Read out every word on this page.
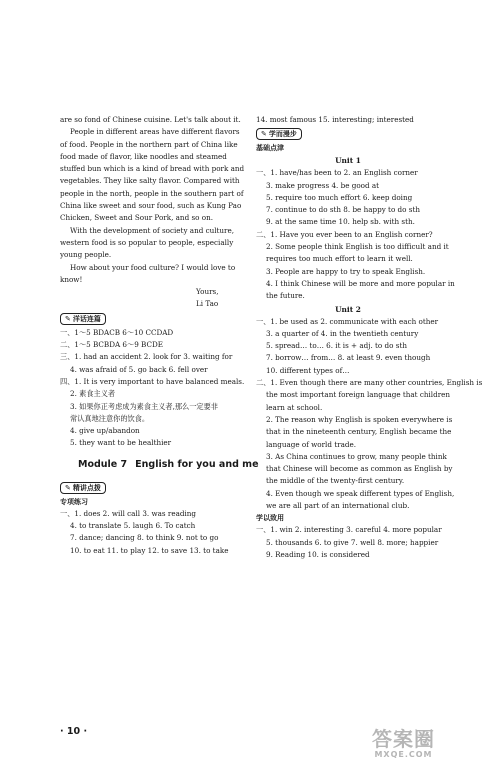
are so fond of Chinese cuisine. Let's talk about it.
People in different areas have different flavors
of food. People in the northern part of China like
food made of flavor, like noodles and steamed
stuffed bun which is a kind of bread with pork and
vegetables. They like salty flavor. Compared with
people in the north, people in the southern part of
China like sweet and sour food, such as Kung Pao
Chicken, Sweet and Sour Pork, and so on.
With the development of society and culture,
western food is so popular to people, especially
young people.
How about your food culture? I would love to
know!
Yours,
Li Tao
✎ 洋话连篇
一、1～5 BDACB 6～10 CCDAD
二、1～5 BCBDA 6～9 BCDE
三、1. had an accident 2. look for 3. waiting for
4. was afraid of 5. go back 6. fell over
四、1. It is very important to have balanced meals.
2. 素食主义者
3. 如果你正考虑成为素食主义者,那么一定要非
常认真地注意你的饮食。
4. give up/abandon
5. they want to be healthier
Module 7 English for you and me
✎ 精讲点拨
专项练习
一、1. does 2. will call 3. was reading
4. to translate 5. laugh 6. To catch
7. dance; dancing 8. to think 9. not to go
10. to eat 11. to play 12. to save 13. to take
14. most famous 15. interesting; interested
✎ 学而漫步
基础点津
Unit 1
一、1. have/has been to 2. an English corner
3. make progress 4. be good at
5. require too much effort 6. keep doing
7. continue to do sth 8. be happy to do sth
9. at the same time 10. help sb. with sth.
二、1. Have you ever been to an English corner?
2. Some people think English is too difficult and it
requires too much effort to learn it well.
3. People are happy to try to speak English.
4. I think Chinese will be more and more popular in
the future.
Unit 2
一、1. be used as 2. communicate with each other
3. a quarter of 4. in the twentieth century
5. spread… to… 6. it is + adj. to do sth
7. borrow… from… 8. at least 9. even though
10. different types of…
二、1. Even though there are many other countries, English is
the most important foreign language that children
learn at school.
2. The reason why English is spoken everywhere is
that in the nineteenth century, English became the
language of world trade.
3. As China continues to grow, many people think
that Chinese will become as common as English by
the middle of the twenty-first century.
4. Even though we speak different types of English,
we are all part of an international club.
学以致用
一、1. win 2. interesting 3. careful 4. more popular
5. thousands 6. to give 7. well 8. more; happier
9. Reading 10. is considered
· 10 ·	答案圈
MXQE.COM
